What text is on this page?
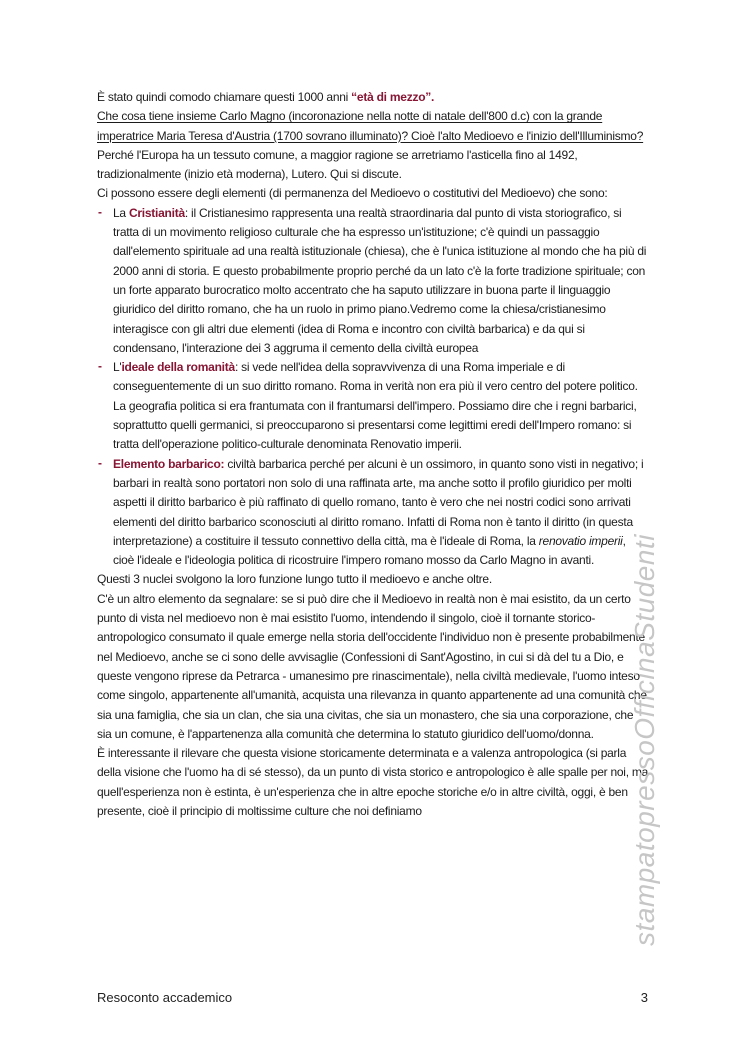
È stato quindi comodo chiamare questi 1000 anni “età di mezzo”.
Che cosa tiene insieme Carlo Magno (incoronazione nella notte di natale dell'800 d.c) con la grande imperatrice Maria Teresa d'Austria (1700 sovrano illuminato)? Cioè l'alto Medioevo e l'inizio dell'Illuminismo? Perché l'Europa ha un tessuto comune, a maggior ragione se arretriamo l'asticella fino al 1492, tradizionalmente (inizio età moderna), Lutero. Qui si discute.
Ci possono essere degli elementi (di permanenza del Medioevo o costitutivi del Medioevo) che sono:
- La Cristianità: il Cristianesimo rappresenta una realtà straordinaria dal punto di vista storiografico, si tratta di un movimento religioso culturale che ha espresso un'istituzione; c'è quindi un passaggio dall'elemento spirituale ad una realtà istituzionale (chiesa), che è l'unica istituzione al mondo che ha più di 2000 anni di storia. E questo probabilmente proprio perché da un lato c'è la forte tradizione spirituale; con un forte apparato burocratico molto accentrato che ha saputo utilizzare in buona parte il linguaggio giuridico del diritto romano, che ha un ruolo in primo piano.Vedremo come la chiesa/cristianesimo interagisce con gli altri due elementi (idea di Roma e incontro con civiltà barbarica) e da qui si condensano, l'interazione dei 3 aggruma il cemento della civiltà europea
- L'ideale della romanità: si vede nell'idea della sopravvivenza di una Roma imperiale e di conseguentemente di un suo diritto romano. Roma in verità non era più il vero centro del potere politico. La geografia politica si era frantumata con il frantumarsi dell'impero. Possiamo dire che i regni barbarici, soprattutto quelli germanici, si preoccuparono si presentarsi come legittimi eredi dell'Impero romano: si tratta dell'operazione politico-culturale denominata Renovatio imperii.
- Elemento barbarico: civiltà barbarica perché per alcuni è un ossimoro, in quanto sono visti in negativo; i barbari in realtà sono portatori non solo di una raffinata arte, ma anche sotto il profilo giuridico per molti aspetti il diritto barbarico è più raffinato di quello romano, tanto è vero che nei nostri codici sono arrivati elementi del diritto barbarico sconosciuti al diritto romano. Infatti di Roma non è tanto il diritto (in questa interpretazione) a costituire il tessuto connettivo della città, ma è l'ideale di Roma, la renovatio imperii, cioè l'ideale e l'ideologia politica di ricostruire l'impero romano mosso da Carlo Magno in avanti.
Questi 3 nuclei svolgono la loro funzione lungo tutto il medioevo e anche oltre.
C'è un altro elemento da segnalare: se si può dire che il Medioevo in realtà non è mai esistito, da un certo punto di vista nel medioevo non è mai esistito l'uomo, intendendo il singolo, cioè il tornante storico-antropologico consumato il quale emerge nella storia dell'occidente l'individuo non è presente probabilmente nel Medioevo, anche se ci sono delle avvisaglie (Confessioni di Sant'Agostino, in cui si dà del tu a Dio, e queste vengono riprese da Petrarca - umanesimo pre rinascimentale), nella civiltà medievale, l'uomo inteso come singolo, appartenente all'umanità, acquista una rilevanza in quanto appartenente ad una comunità che sia una famiglia, che sia un clan, che sia una civitas, che sia un monastero, che sia una corporazione, che sia un comune, è l'appartenenza alla comunità che determina lo statuto giuridico dell'uomo/donna.
È interessante il rilevare che questa visione storicamente determinata e a valenza antropologica (si parla della visione che l'uomo ha di sé stesso), da un punto di vista storico e antropologico è alle spalle per noi, ma quell'esperienza non è estinta, è un'esperienza che in altre epoche storiche e/o in altre civiltà, oggi, è ben presente, cioè il principio di moltissime culture che noi definiamo	stampatopressoOfficinaStudenti
Resoconto accademico	3
